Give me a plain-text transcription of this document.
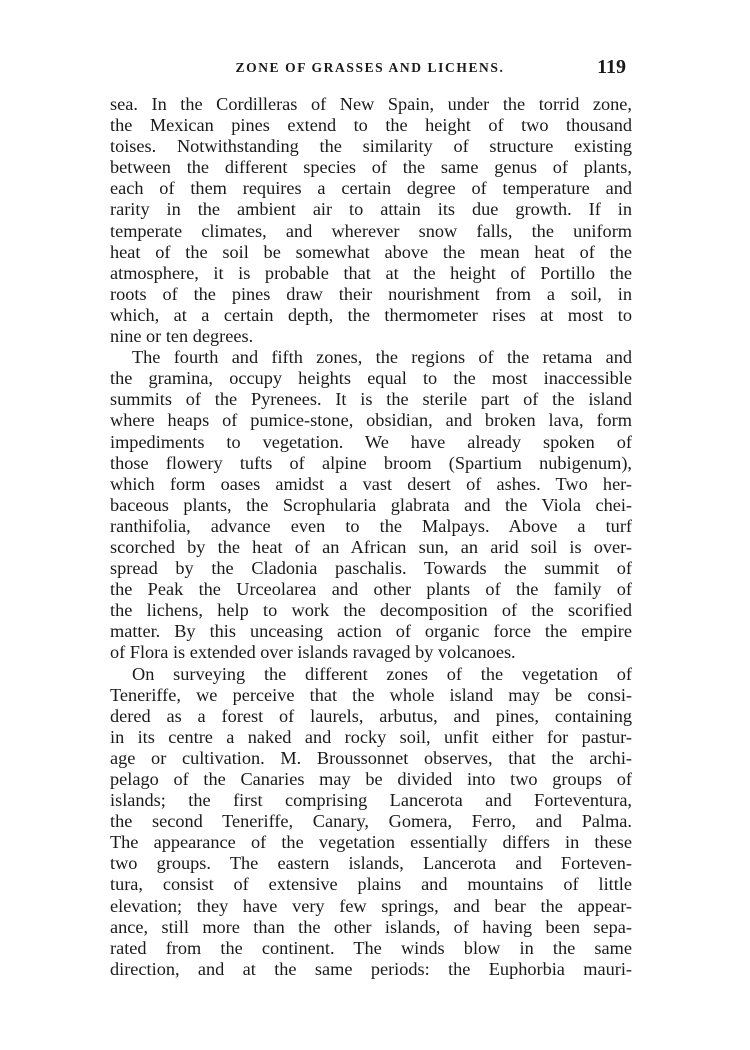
ZONE OF GRASSES AND LICHENS.	119
sea. In the Cordilleras of New Spain, under the torrid zone,
the Mexican pines extend to the height of two thousand
toises. Notwithstanding the similarity of structure existing
between the different species of the same genus of plants,
each of them requires a certain degree of temperature and
rarity in the ambient air to attain its due growth. If in
temperate climates, and wherever snow falls, the uniform
heat of the soil be somewhat above the mean heat of the
atmosphere, it is probable that at the height of Portillo the
roots of the pines draw their nourishment from a soil, in
which, at a certain depth, the thermometer rises at most to
nine or ten degrees.
The fourth and fifth zones, the regions of the retama and
the gramina, occupy heights equal to the most inaccessible
summits of the Pyrenees. It is the sterile part of the island
where heaps of pumice-stone, obsidian, and broken lava, form
impediments to vegetation. We have already spoken of
those flowery tufts of alpine broom (Spartium nubigenum),
which form oases amidst a vast desert of ashes. Two her-
baceous plants, the Scrophularia glabrata and the Viola chei-
ranthifolia, advance even to the Malpays. Above a turf
scorched by the heat of an African sun, an arid soil is over-
spread by the Cladonia paschalis. Towards the summit of
the Peak the Urceolarea and other plants of the family of
the lichens, help to work the decomposition of the scorified
matter. By this unceasing action of organic force the empire
of Flora is extended over islands ravaged by volcanoes.
On surveying the different zones of the vegetation of
Teneriffe, we perceive that the whole island may be consi-
dered as a forest of laurels, arbutus, and pines, containing
in its centre a naked and rocky soil, unfit either for pastur-
age or cultivation. M. Broussonnet observes, that the archi-
pelago of the Canaries may be divided into two groups of
islands; the first comprising Lancerota and Forteventura,
the second Teneriffe, Canary, Gomera, Ferro, and Palma.
The appearance of the vegetation essentially differs in these
two groups. The eastern islands, Lancerota and Forteven-
tura, consist of extensive plains and mountains of little
elevation; they have very few springs, and bear the appear-
ance, still more than the other islands, of having been sepa-
rated from the continent. The winds blow in the same
direction, and at the same periods: the Euphorbia mauri-
